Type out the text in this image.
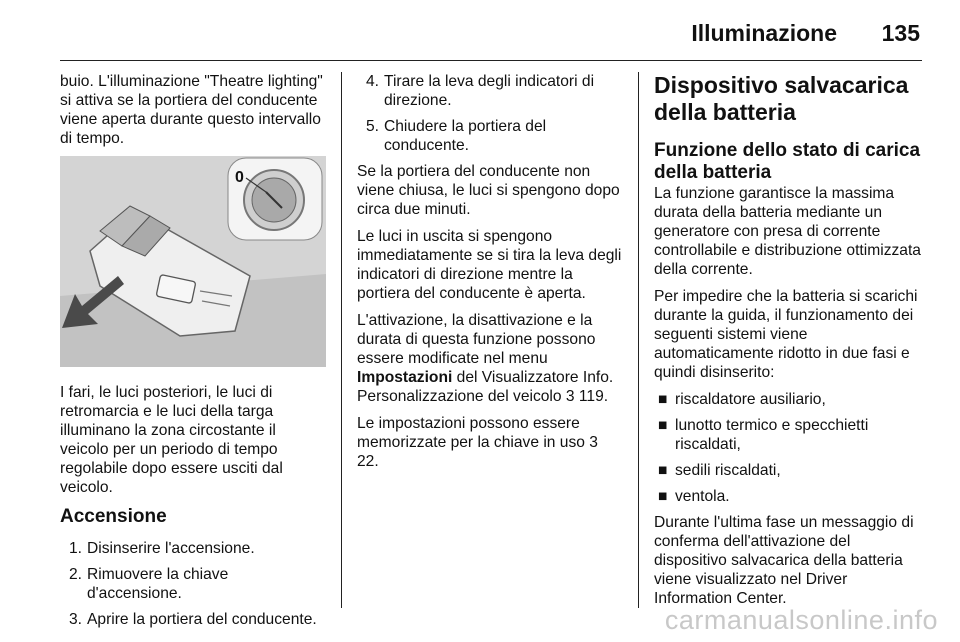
Illuminazione 135

buio. L'illuminazione "Theatre lighting" si attiva se la portiera del conducente viene aperta durante questo intervallo di tempo.

0

I fari, le luci posteriori, le luci di retromarcia e le luci della targa illuminano la zona circostante il veicolo per un periodo di tempo regolabile dopo essere usciti dal veicolo.

Accensione
1. Disinserire l'accensione.
2. Rimuovere la chiave d'accensione.
3. Aprire la portiera del conducente.
4. Tirare la leva degli indicatori di direzione.
5. Chiudere la portiera del conducente.

Se la portiera del conducente non viene chiusa, le luci si spengono dopo circa due minuti.

Le luci in uscita si spengono immediatamente se si tira la leva degli indicatori di direzione mentre la portiera del conducente è aperta.

L'attivazione, la disattivazione e la durata di questa funzione possono essere modificate nel menu
Impostazioni del Visualizzatore Info. Personalizzazione del veicolo 3 119.

Le impostazioni possono essere memorizzate per la chiave in uso 3 22.

Dispositivo salvacarica della batteria
Funzione dello stato di carica della batteria

La funzione garantisce la massima durata della batteria mediante un generatore con presa di corrente controllabile e distribuzione ottimizzata della corrente.

Per impedire che la batteria si scarichi durante la guida, il funzionamento dei seguenti sistemi viene automaticamente ridotto in due fasi e quindi disinserito:

■ riscaldatore ausiliario,
■ lunotto termico e specchietti riscaldati,
■ sedili riscaldati,
■ ventola.

Durante l'ultima fase un messaggio di conferma dell'attivazione del dispositivo salvacarica della batteria viene visualizzato nel Driver Information Center.

carmanualsonline.info
